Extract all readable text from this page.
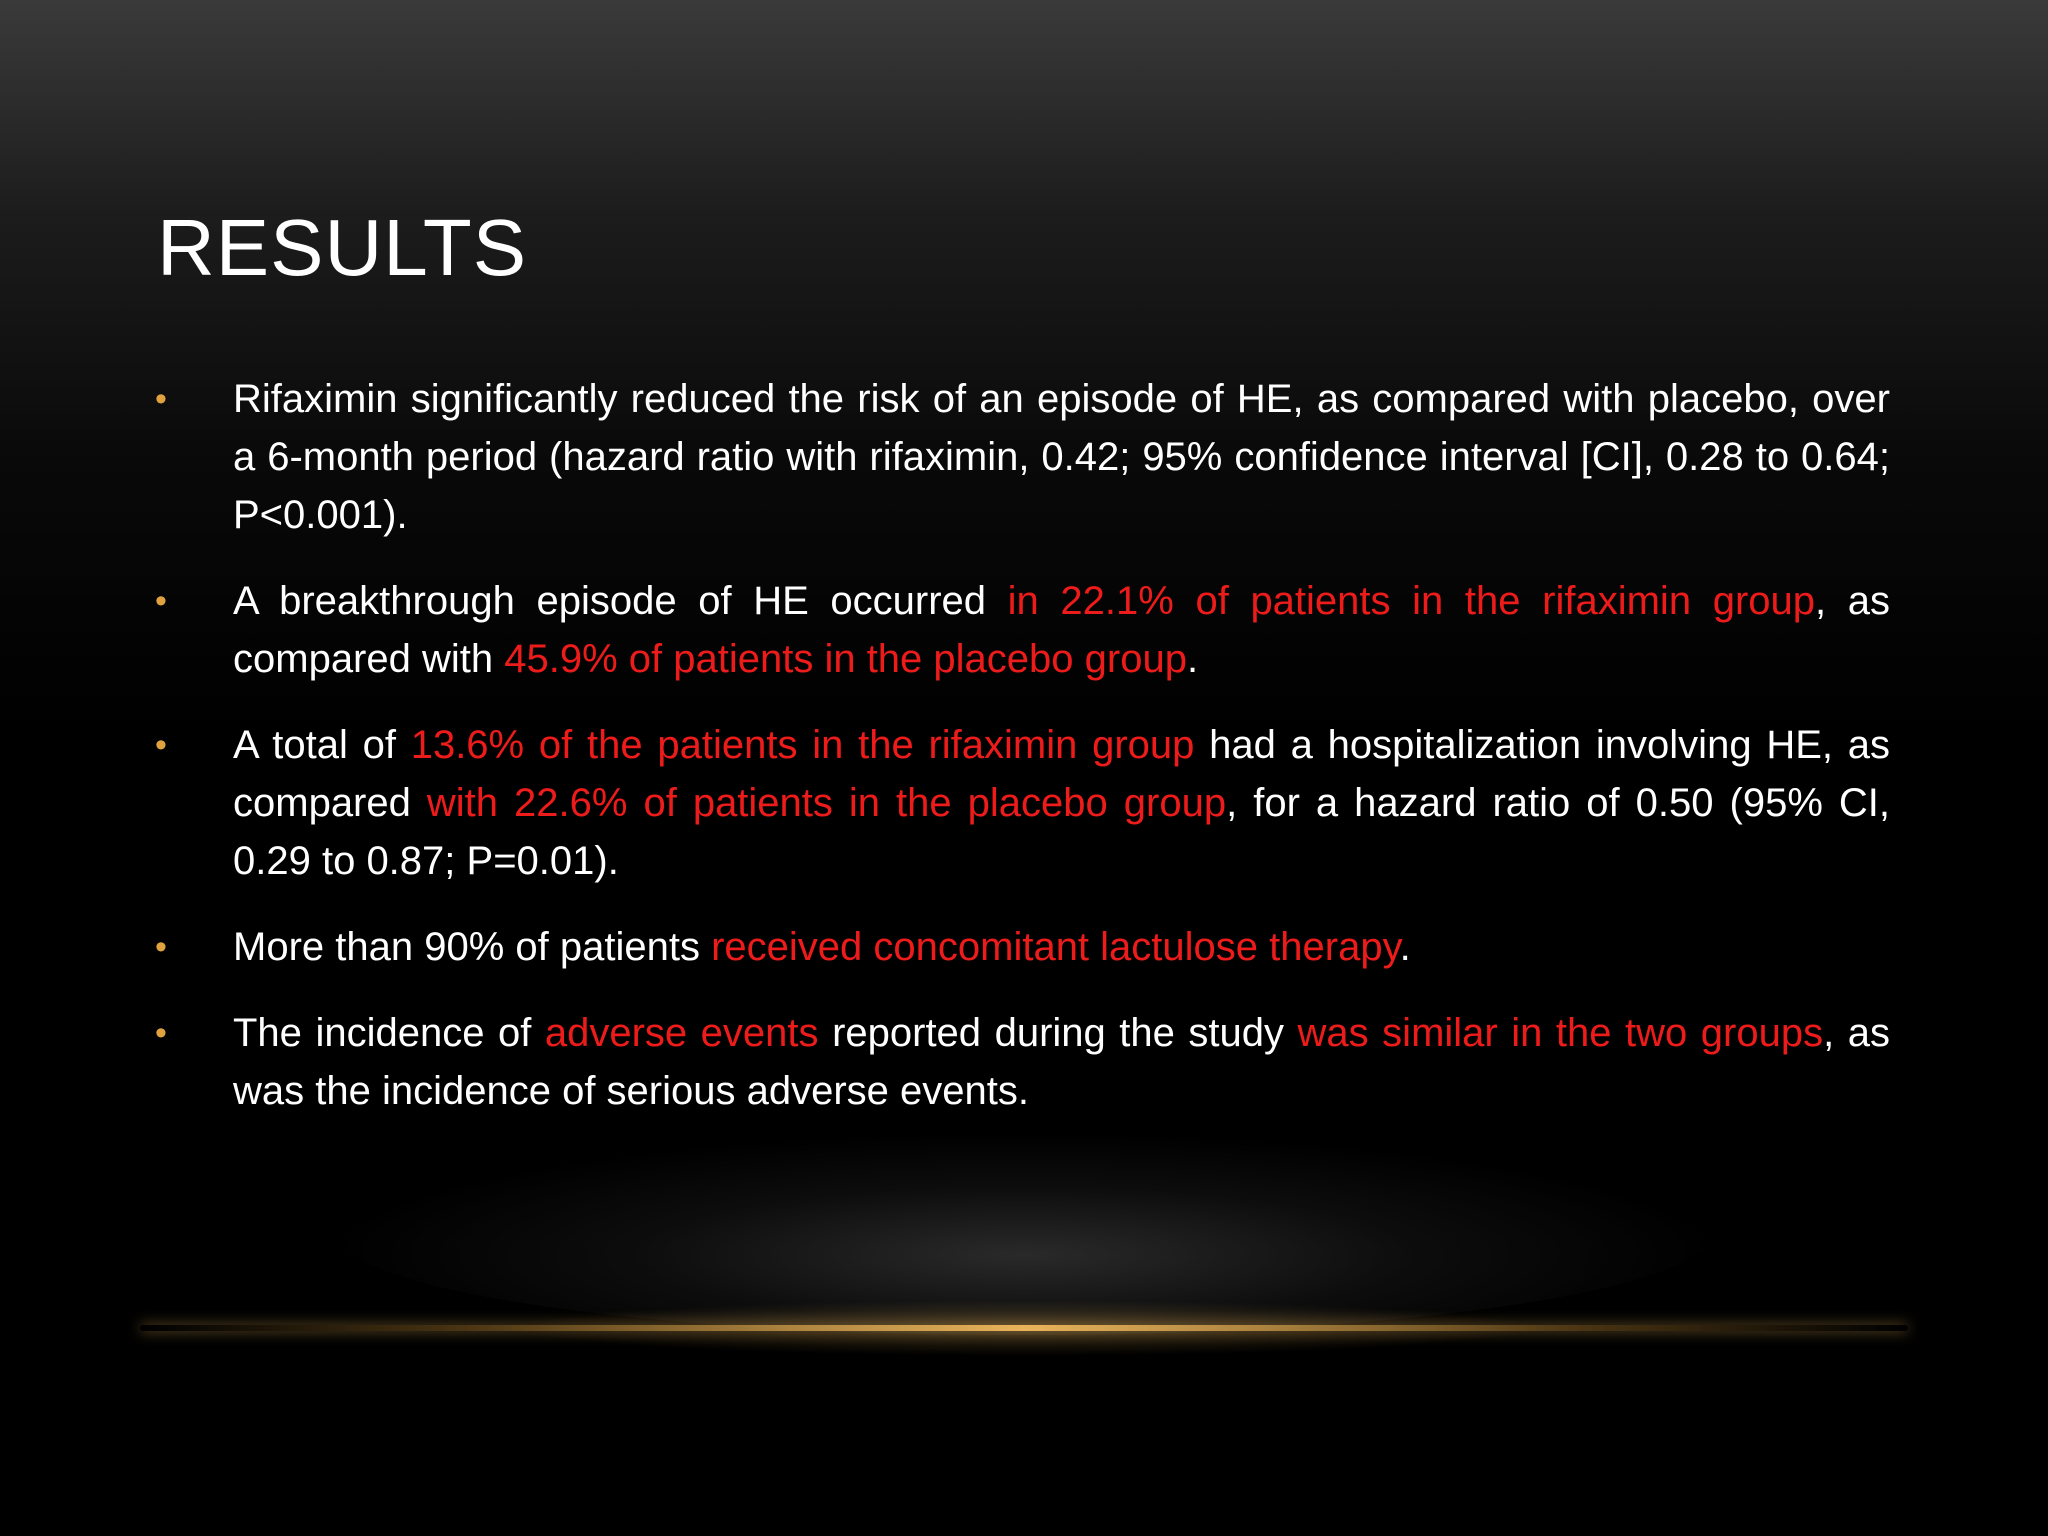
RESULTS
• Rifaximin significantly reduced the risk of an episode of HE, as compared with placebo, over a 6-month period (hazard ratio with rifaximin, 0.42; 95% confidence interval [CI], 0.28 to 0.64; P<0.001).
• A breakthrough episode of HE occurred in 22.1% of patients in the rifaximin group, as compared with 45.9% of patients in the placebo group.
• A total of 13.6% of the patients in the rifaximin group had a hospitalization involving HE, as compared with 22.6% of patients in the placebo group, for a hazard ratio of 0.50 (95% CI, 0.29 to 0.87; P=0.01).
• More than 90% of patients received concomitant lactulose therapy.
• The incidence of adverse events reported during the study was similar in the two groups, as was the incidence of serious adverse events.
